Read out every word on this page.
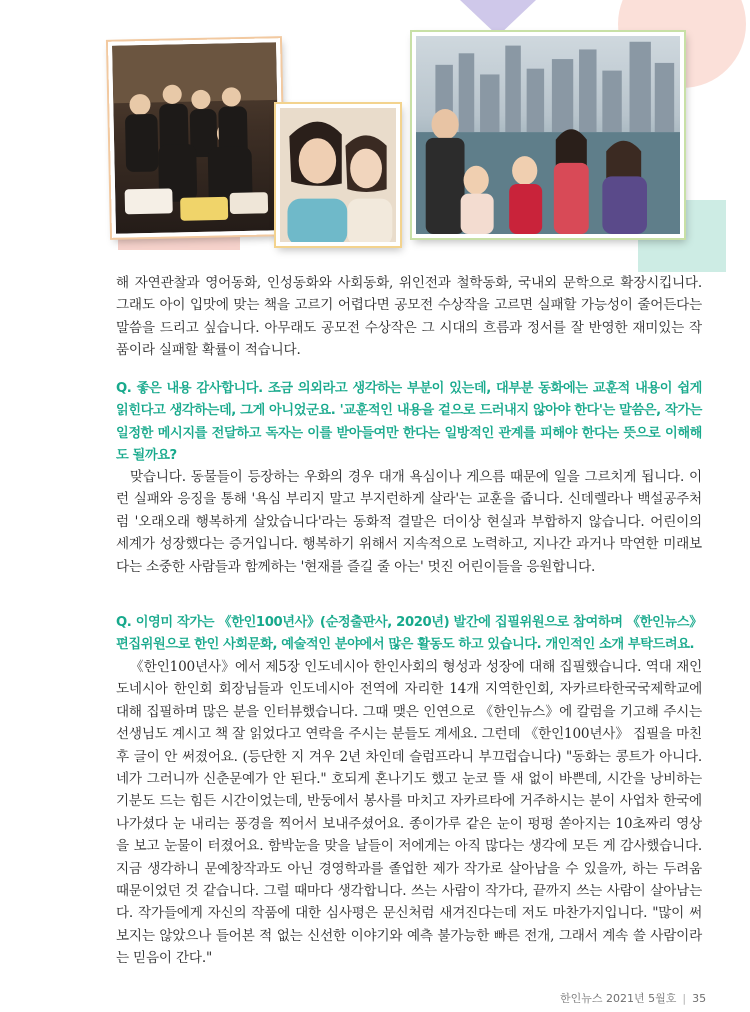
해 자연관찰과 영어동화, 인성동화와 사회동화, 위인전과 철학동화, 국내외 문학으로 확장시킵니다. 그래도 아이 입맛에 맞는 책을 고르기 어렵다면 공모전 수상작을 고르면 실패할 가능성이 줄어든다는 말씀을 드리고 싶습니다. 아무래도 공모전 수상작은 그 시대의 흐름과 정서를 잘 반영한 재미있는 작품이라 실패할 확률이 적습니다.

Q. 좋은 내용 감사합니다. 조금 의외라고 생각하는 부분이 있는데, 대부분 동화에는 교훈적 내용이 쉽게 읽힌다고 생각하는데, 그게 아니었군요. '교훈적인 내용을 겉으로 드러내지 않아야 한다'는 말씀은, 작가는 일정한 메시지를 전달하고 독자는 이를 받아들여만 한다는 일방적인 관계를 피해야 한다는 뜻으로 이해해도 될까요?

맞습니다. 동물들이 등장하는 우화의 경우 대개 욕심이나 게으름 때문에 일을 그르치게 됩니다. 이런 실패와 응징을 통해 '욕심 부리지 말고 부지런하게 살라'는 교훈을 줍니다. 신데렐라나 백설공주처럼 '오래오래 행복하게 살았습니다'라는 동화적 결말은 더이상 현실과 부합하지 않습니다. 어린이의 세계가 성장했다는 증거입니다. 행복하기 위해서 지속적으로 노력하고, 지나간 과거나 막연한 미래보다는 소중한 사람들과 함께하는 '현재를 즐길 줄 아는' 멋진 어린이들을 응원합니다.

Q. 이영미 작가는 《한인100년사》(순정출판사, 2020년) 발간에 집필위원으로 참여하며 《한인뉴스》 편집위원으로 한인 사회문화, 예술적인 분야에서 많은 활동도 하고 있습니다. 개인적인 소개 부탁드려요.

《한인100년사》에서 제5장 인도네시아 한인사회의 형성과 성장에 대해 집필했습니다. 역대 재인도네시아 한인회 회장님들과 인도네시아 전역에 자리한 14개 지역한인회, 자카르타한국국제학교에 대해 집필하며 많은 분을 인터뷰했습니다. 그때 맺은 인연으로 《한인뉴스》에 칼럼을 기고해 주시는 선생님도 계시고 책 잘 읽었다고 연락을 주시는 분들도 계세요. 그런데 《한인100년사》 집필을 마친 후 글이 안 써졌어요. (등단한 지 겨우 2년 차인데 슬럼프라니 부끄럽습니다) "동화는 콩트가 아니다. 네가 그러니까 신춘문예가 안 된다." 호되게 혼나기도 했고 눈코 뜰 새 없이 바쁜데, 시간을 낭비하는 기분도 드는 힘든 시간이었는데, 반둥에서 봉사를 마치고 자카르타에 거주하시는 분이 사업차 한국에 나가셨다 눈 내리는 풍경을 찍어서 보내주셨어요. 종이가루 같은 눈이 펑펑 쏟아지는 10초짜리 영상을 보고 눈물이 터졌어요. 함박눈을 맞을 날들이 저에게는 아직 많다는 생각에 모든 게 감사했습니다. 지금 생각하니 문예창작과도 아닌 경영학과를 졸업한 제가 작가로 살아남을 수 있을까, 하는 두려움 때문이었던 것 같습니다. 그럴 때마다 생각합니다. 쓰는 사람이 작가다, 끝까지 쓰는 사람이 살아남는다. 작가들에게 자신의 작품에 대한 심사평은 문신처럼 새겨진다는데 저도 마찬가지입니다. "많이 써보지는 않았으나 들어본 적 없는 신선한 이야기와 예측 불가능한 빠른 전개, 그래서 계속 쓸 사람이라는 믿음이 간다."

한인뉴스 2021년 5월호 | 35
